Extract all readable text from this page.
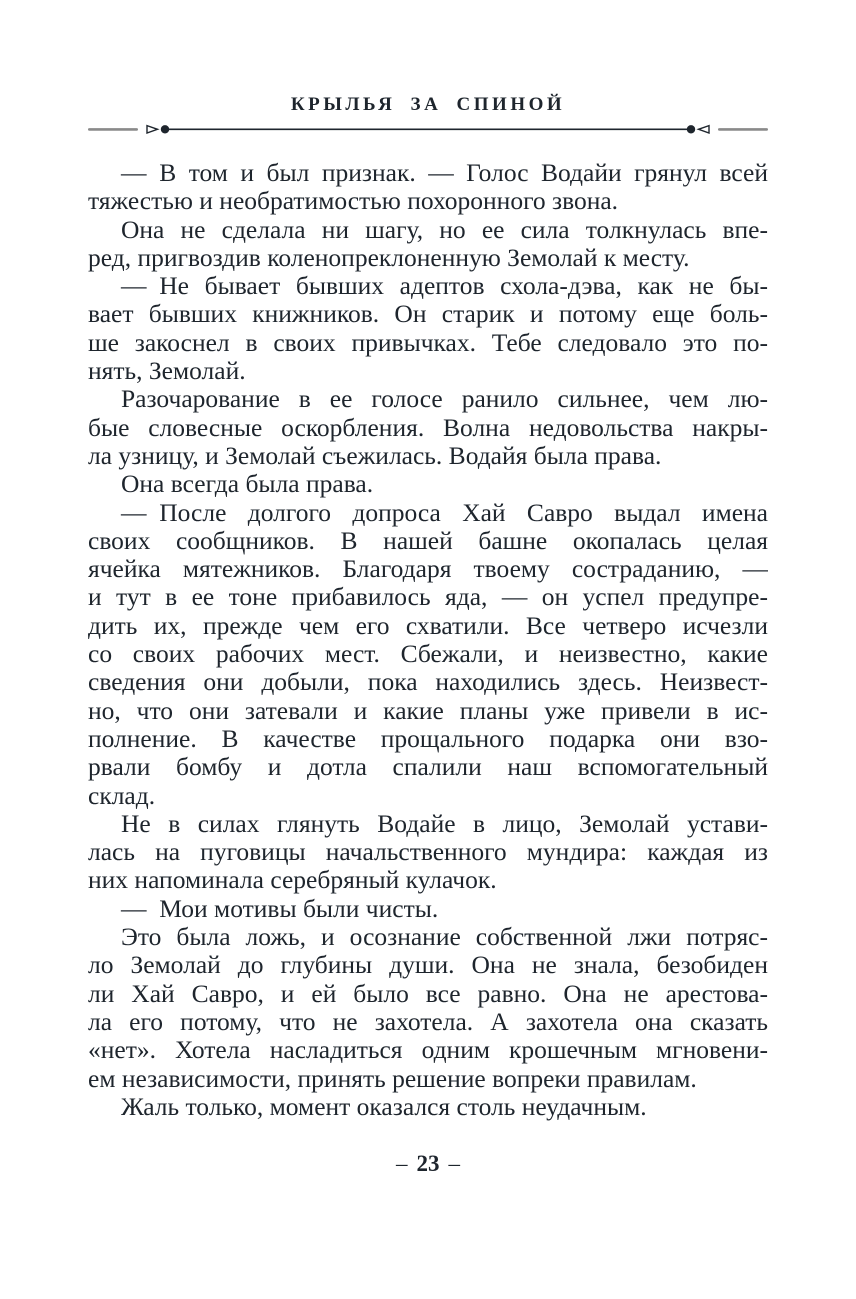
КРЫЛЬЯ ЗА СПИНОЙ
— В том и был признак. — Голос Водайи грянул всей
тяжестью и необратимостью похоронного звона.
Она не сделала ни шагу, но ее сила толкнулась впе-
ред, пригвоздив коленопреклоненную Земолай к месту.
— Не бывает бывших адептов схола-дэва, как не бы-
вает бывших книжников. Он старик и потому еще боль-
ше закоснел в своих привычках. Тебе следовало это по-
нять, Земолай.
Разочарование в ее голосе ранило сильнее, чем лю-
бые словесные оскорбления. Волна недовольства накры-
ла узницу, и Земолай съежилась. Водайя была права.
Она всегда была права.
— После долгого допроса Хай Савро выдал имена
своих сообщников. В нашей башне окопалась целая
ячейка мятежников. Благодаря твоему состраданию, —
и тут в ее тоне прибавилось яда, — он успел предупре-
дить их, прежде чем его схватили. Все четверо исчезли
со своих рабочих мест. Сбежали, и неизвестно, какие
сведения они добыли, пока находились здесь. Неизвест-
но, что они затевали и какие планы уже привели в ис-
полнение. В качестве прощального подарка они взо-
рвали бомбу и дотла спалили наш вспомогательный
склад.
Не в силах глянуть Водайе в лицо, Земолай устави-
лась на пуговицы начальственного мундира: каждая из
них напоминала серебряный кулачок.
— Мои мотивы были чисты.
Это была ложь, и осознание собственной лжи потряс-
ло Земолай до глубины души. Она не знала, безобиден
ли Хай Савро, и ей было все равно. Она не арестова-
ла его потому, что не захотела. А захотела она сказать
«нет». Хотела насладиться одним крошечным мгновени-
ем независимости, принять решение вопреки правилам.
Жаль только, момент оказался столь неудачным.
– 23 –
